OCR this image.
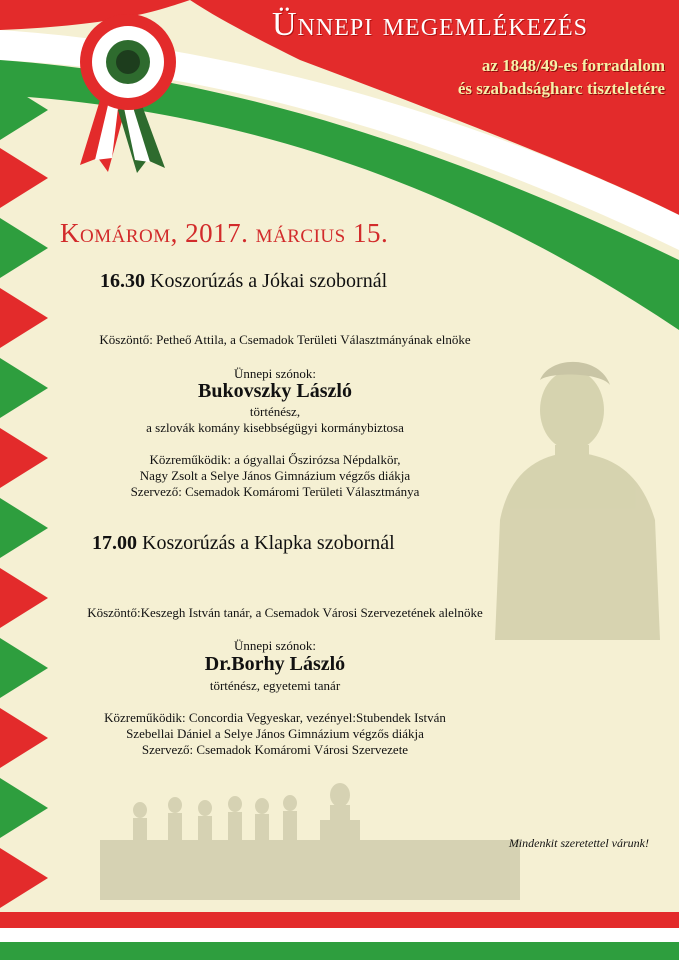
Ünnepi megemlékezés
az 1848/49-es forradalom
és szabadságharc tiszteletére
Komárom, 2017. március 15.
16.30 Koszorúzás a Jókai szobornál
Köszöntő: Petheő Attila, a Csemadok Területi Választmányának elnöke
Ünnepi szónok:
Bukovszky László
történész,
a szlovák komány kisebbségügyi kormánybiztosa
Közreműködik: a ógyallai Őszirózsa Népdalkör,
Nagy Zsolt a Selye János Gimnázium végzős diákja
Szervező: Csemadok Komáromi Területi Választmánya
17.00 Koszorúzás a Klapka szobornál
Köszöntő:Keszegh István tanár, a Csemadok Városi Szervezetének alelnöke
Ünnepi szónok:
Dr.Borhy László
történész, egyetemi tanár
Közreműködik: Concordia Vegyeskar, vezényel:Stubendek István
Szebellai Dániel a Selye János Gimnázium végzős diákja
Szervező: Csemadok Komáromi Városi Szervezete
Mindenkit szeretettel várunk!
